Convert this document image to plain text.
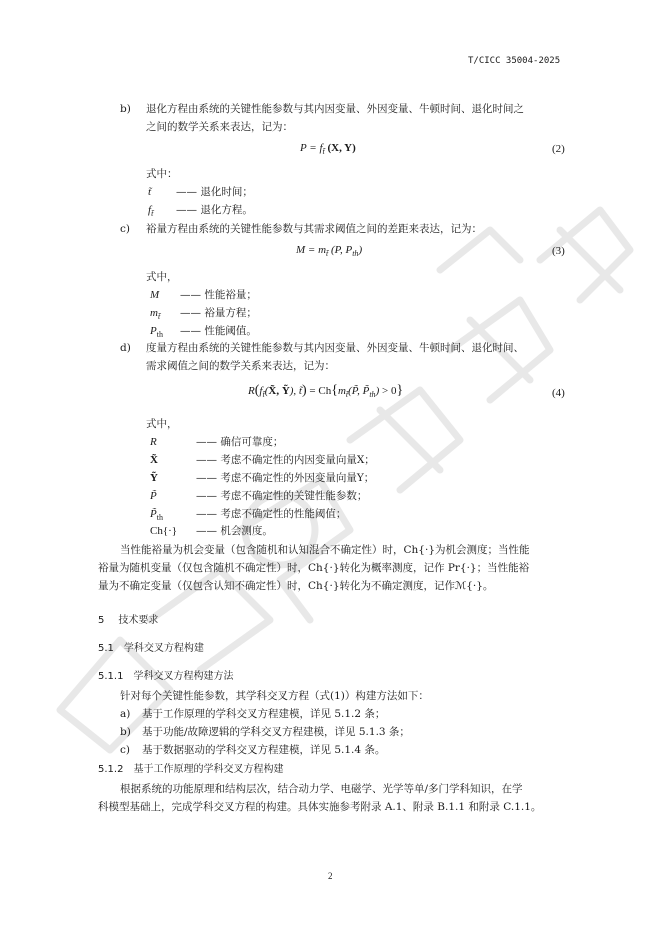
T/CICC 35004-2025
b) 退化方程由系统的关键性能参数与其内因变量、外因变量、牛顿时间、退化时间之
之间的数学关系来表达，记为：
$P = f_{t̃}$ (X, Y)	(2)
式中：
t̃ —— 退化时间；
$f_{t̃}$ —— 退化方程。
c) 裕量方程由系统的关键性能参数与其需求阈值之间的差距来表达，记为：
$M = m_{t̃}$ (P, $P_{th}$)	(3)
式中，
M —— 性能裕量；
$m_{t̃}$ —— 裕量方程；
$P_{th}$ —— 性能阈值。
d) 度量方程由系统的关键性能参数与其内因变量、外因变量、牛顿时间、退化时间、
需求阈值之间的数学关系来表达，记为：
$R(f_{t̃}(X̃$, Ỹ), t̃) = $Ch\{m_{t̃}(P̃$, $P̃_{th}) > 0$}	(4)
式中，
R	—— 确信可靠度；
X̃	—— 考虑不确定性的内因变量向量X；
Ỹ	—— 考虑不确定性的外因变量向量Y；
P̃	—— 考虑不确定性的关键性能参数；
$P̃_{th}$	—— 考虑不确定性的性能阈值；
Ch{·} —— 机会测度。
当性能裕量为机会变量（包含随机和认知混合不确定性）时，Ch{·}为机会测度；当性能
裕量为随机变量（仅包含随机不确定性）时，Ch{·}转化为概率测度，记作 Pr{·}；当性能裕
量为不确定变量（仅包含认知不确定性）时，Ch{·}转化为不确定测度，记作ℳ{·}。
5 技术要求
5.1 学科交叉方程构建
5.1.1 学科交叉方程构建方法
针对每个关键性能参数，其学科交叉方程（式(1)）构建方法如下：
a) 基于工作原理的学科交叉方程建模，详见 5.1.2 条；
b) 基于功能/故障逻辑的学科交叉方程建模，详见 5.1.3 条；
c) 基于数据驱动的学科交叉方程建模，详见 5.1.4 条。
5.1.2 基于工作原理的学科交叉方程构建
根据系统的功能原理和结构层次，结合动力学、电磁学、光学等单/多门学科知识，在学
科模型基础上，完成学科交叉方程的构建。具体实施参考附录 A.1、附录 B.1.1 和附录 C.1.1。
2
